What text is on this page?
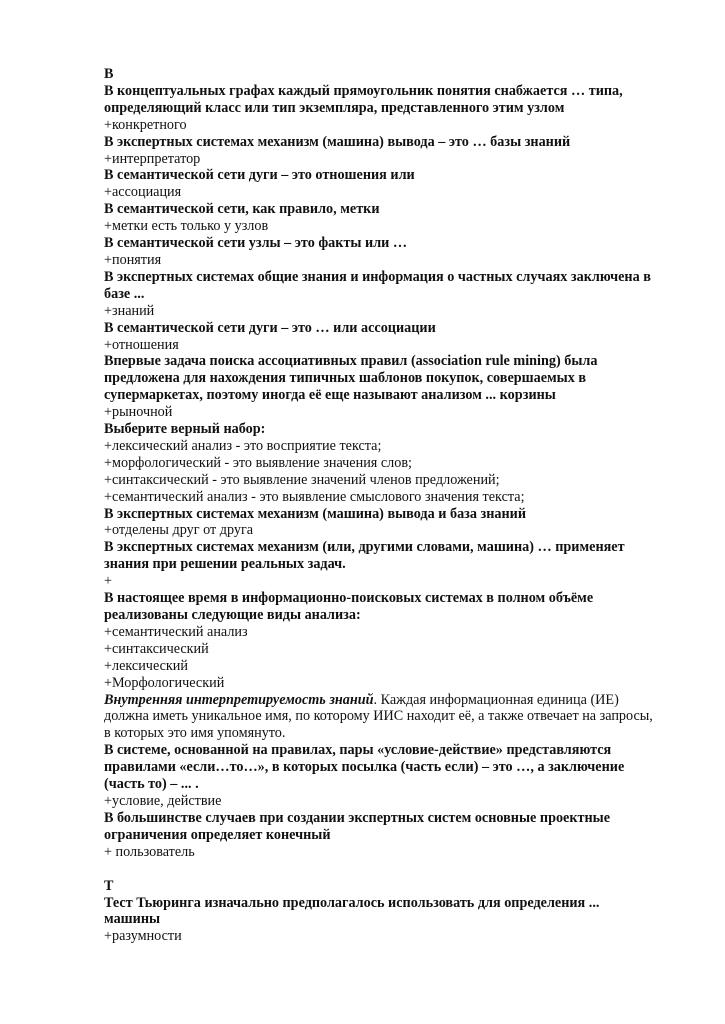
В
В концептуальных графах каждый прямоугольник понятия снабжается … типа,
определяющий класс или тип экземпляра, представленного этим узлом
+конкретного
В экспертных системах механизм (машина) вывода – это … базы знаний
+интерпретатор
В семантической сети дуги – это отношения или
+ассоциация
В семантической сети, как правило, метки
+метки есть только у узлов
В семантической сети узлы – это факты или …
+понятия
В экспертных системах общие знания и информация о частных случаях заключена в
базе ...
+знаний
В семантической сети дуги – это … или ассоциации
+отношения
Впервые задача поиска ассоциативных правил (association rule mining) была
предложена для нахождения типичных шаблонов покупок, совершаемых в
супермаркетах, поэтому иногда её еще называют анализом ... корзины
+рыночной
Выберите верный набор:
+лексический анализ - это восприятие текста;
+морфологический - это выявление значения слов;
+синтаксический - это выявление значений членов предложений;
+семантический анализ - это выявление смыслового значения текста;
В экспертных системах механизм (машина) вывода и база знаний
+отделены друг от друга
В экспертных системах механизм (или, другими словами, машина) … применяет
знания при решении реальных задач.
+
В настоящее время в информационно-поисковых системах в полном объёме
реализованы следующие виды анализа:
+семантический анализ
+синтаксический
+лексический
+Морфологический
Внутренняя интерпретируемость знаний. Каждая информационная единица (ИЕ)
должна иметь уникальное имя, по которому ИИС находит её, а также отвечает на запросы,
в которых это имя упомянуто.
В системе, основанной на правилах, пары «условие-действие» представляются
правилами «если…то…», в которых посылка (часть если) – это …, а заключение
(часть то) – ... .
+условие, действие
В большинстве случаев при создании экспертных систем основные проектные
ограничения определяет конечный
+ пользователь
Т
Тест Тьюринга изначально предполагалось использовать для определения ...
машины
+разумности
